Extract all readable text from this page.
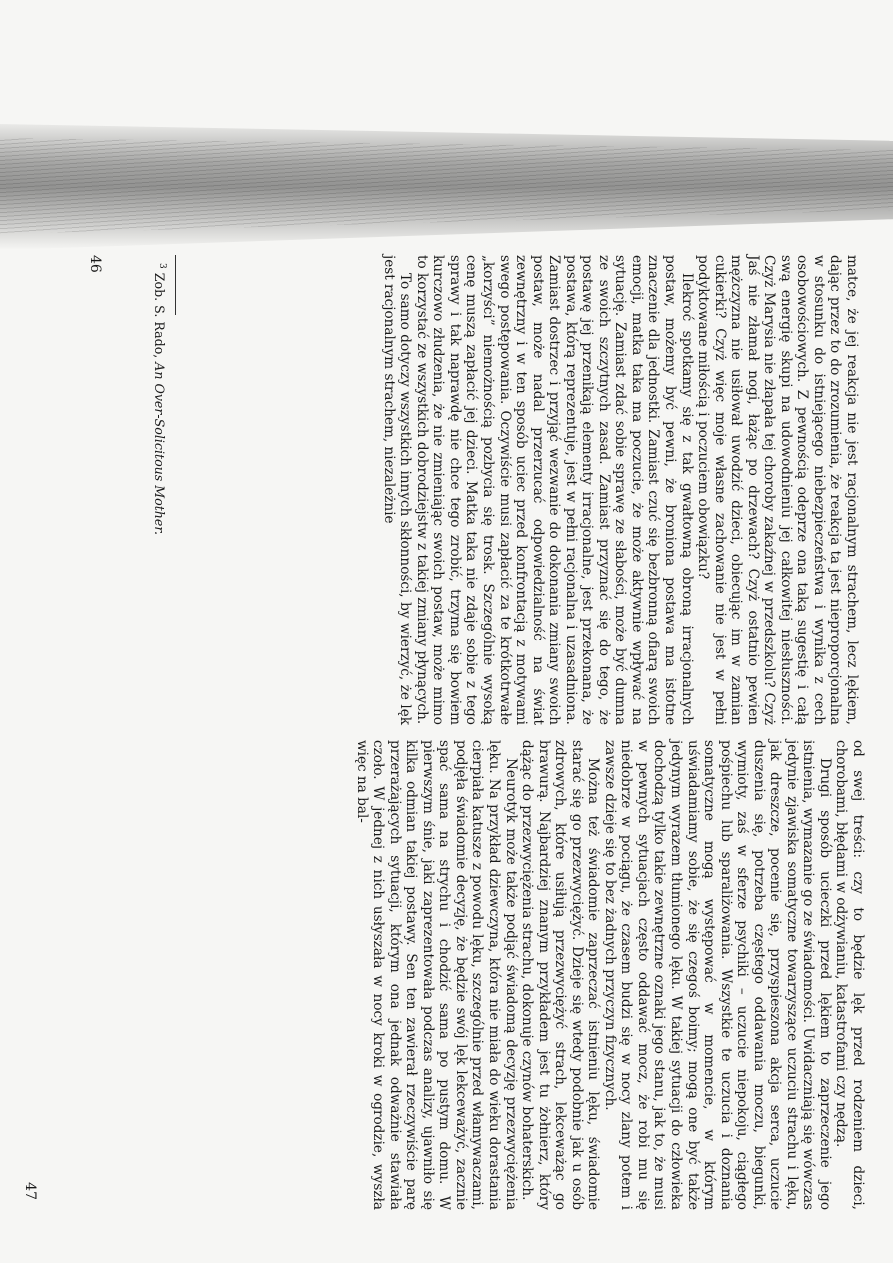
matce, że jej reakcja nie jest racjonalnym strachem, lecz lękiem, dając przez to do zrozumienia, że reakcja ta jest nieproporcjonalna w stosunku do istniejącego niebezpieczeństwa i wynika z cech osobowościowych. Z pewnością odeprze ona taką sugestię i całą swą energię skupi na udowodnieniu jej całkowitej niesłuszności. Czyż Marysia nie złapała tej choroby zakaźnej w przedszkolu? Czyż Jaś nie złamał nogi, łażąc po drzewach? Czyż ostatnio pewien mężczyzna nie usiłował uwodzić dzieci, obiecując im w zamian cukierki? Czyż więc moje własne zachowanie nie jest w pełni podyktowane miłością i poczuciem obowiązku?

Ilekroć spotkamy się z tak gwałtowną obroną irracjonalnych postaw, możemy być pewni, że broniona postawa ma istotne znaczenie dla jednostki. Zamiast czuć się bezbronną ofiarą swoich emocji, matka taka ma poczucie, że może aktywnie wpływać na sytuację. Zamiast zdać sobie sprawę ze słabości, może być dumna ze swoich szczytnych zasad. Zamiast przyznać się do tego, że postawę jej przenikają elementy irracjonalne, jest przekonana, że postawa, którą reprezentuje, jest w pełni racjonalna i uzasadniona. Zamiast dostrzec i przyjąć wezwanie do dokonania zmiany swoich postaw, może nadal przerzucać odpowiedzialność na świat zewnętrzny i w ten sposób uciec przed konfrontacją z motywami swego postępowania. Oczywiście musi zapłacić za te krótkotrwałe „korzyści” niemożnością pozbycia się trosk. Szczególnie wysoką cenę muszą zapłacić jej dzieci. Matka taka nie zdaje sobie z tego sprawy i tak naprawdę nie chce tego zrobić, trzyma się bowiem kurczowo złudzenia, że nie zmieniając swoich postaw, może mimo to korzystać ze wszystkich dobrodziejstw z takiej zmiany płynących.

To samo dotyczy wszystkich innych skłonności, by wierzyć, że lęk jest racjonalnym strachem, niezależnie

$^3$ Zob. S. Rado, An Over-Solicitous Mother.
46

od swej treści: czy to będzie lęk przed rodzeniem dzieci, chorobami, błędami w odżywianiu, katastrofami czy nędzą.

Drugi sposób ucieczki przed lękiem to zaprzeczenie jego istnienia, wymazanie go ze świadomości. Uwidaczniają się wówczas jedynie zjawiska somatyczne towarzyszące uczuciu strachu i lęku, jak dreszcze, pocenie się, przyspieszona akcja serca, uczucie duszenia się, potrzeba częstego oddawania moczu, biegunki, wymioty, zaś w sferze psychiki – uczucie niepokoju, ciągłego pośpiechu lub sparaliżowania. Wszystkie te uczucia i doznania somatyczne mogą występować w momencie, w którym uświadamiamy sobie, że się czegoś boimy; mogą one być także jedynym wyrazem tłumionego lęku. W takiej sytuacji do człowieka dochodzą tylko takie zewnętrzne oznaki jego stanu, jak to, że musi w pewnych sytuacjach często oddawać mocz, że robi mu się niedobrze w pociągu, że czasem budzi się w nocy zlany potem i zawsze dzieje się to bez żadnych przyczyn fizycznych.

Można też świadomie zaprzeczać istnieniu lęku, świadomie starać się go przezwyciężyć. Dzieje się wtedy podobnie jak u osób zdrowych, które usiłują przezwyciężyć strach, lekceważąc go brawurą. Najbardziej znanym przykładem jest tu żołnierz, który dążąc do przezwyciężenia strachu, dokonuje czynów bohaterskich.

Neurotyk może także podjąć świadomą decyzję przezwyciężenia lęku. Na przykład dziewczyna, która nie miała do wieku dorastania cierpiała katusze z powodu lęku, szczególnie przed włamywaczami, podjęła świadomie decyzję, że będzie swój lęk lekceważyć, zacznie spać sama na strychu i chodzić sama po pustym domu. W pierwszym śnie, jaki zaprezentowała podczas analizy, ujawniło się kilka odmian takiej postawy. Sen ten zawierał rzeczywiście parę przerażających sytuacji, którym ona jednak odważnie stawiała czoło. W jednej z nich usłyszała w nocy kroki w ogrodzie, wyszła więc na bal-

47
